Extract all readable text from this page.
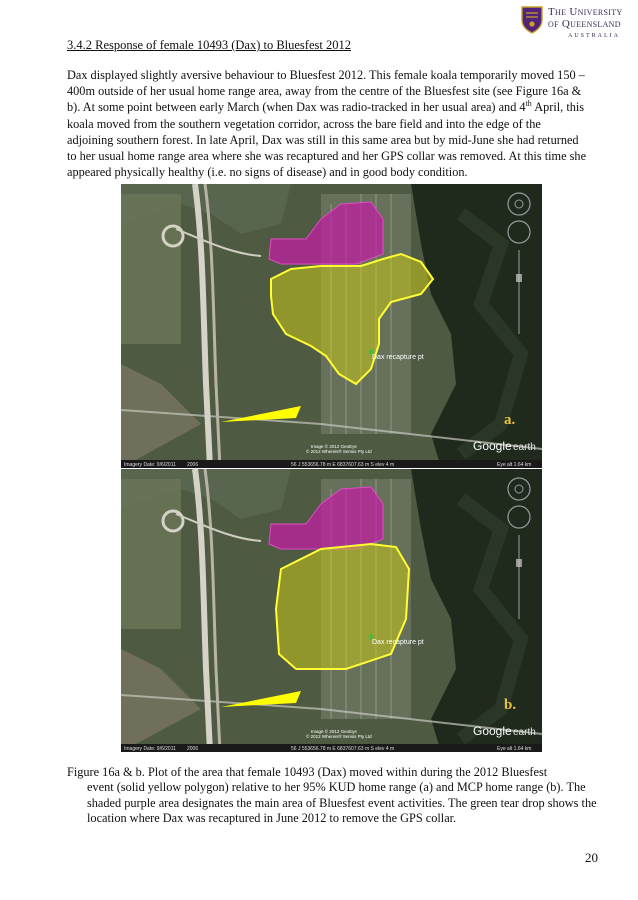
The University
of Queensland
AUSTRALIA
3.4.2 Response of female 10493 (Dax) to Bluesfest 2012

Dax displayed slightly aversive behaviour to Bluesfest 2012. This female koala temporarily moved 150 – 400m outside of her usual home range area, away from the centre of the Bluesfest site (see Figure 16a & b). At some point between early March (when Dax was radio-tracked in her usual area) and 4th April, this koala moved from the southern vegetation corridor, across the bare field and into the edge of the adjoining southern forest. In late April, Dax was still in this same area but by mid-June she had returned to her usual home range area where she was recaptured and her GPS collar was removed. At this time she appeared physically healthy (i.e. no signs of disease) and in good body condition.

Dax recapture pt
a.
Image © 2012 GeoEye
© 2012 Whereis® Sensis Pty Ltd	Google earth
Imagery Date: 9/6/2011 2006	56 J 553656.78 m E 6837607.63 m S elev 4 m	Eye alt 1.64 km
Dax recapture pt
b.
Image © 2012 GeoEye
© 2012 Whereis® Sensis Pty Ltd	Google earth
Imagery Date: 9/6/2011 2006	56 J 553656.78 m E 6837607.63 m S elev 4 m	Eye alt 1.64 km

Figure 16a & b. Plot of the area that female 10493 (Dax) moved within during the 2012 Bluesfest
event (solid yellow polygon) relative to her 95% KUD home range (a) and MCP home range (b). The shaded purple area designates the main area of Bluesfest event activities. The green tear drop shows the location where Dax was recaptured in June 2012 to remove the GPS collar.

20
